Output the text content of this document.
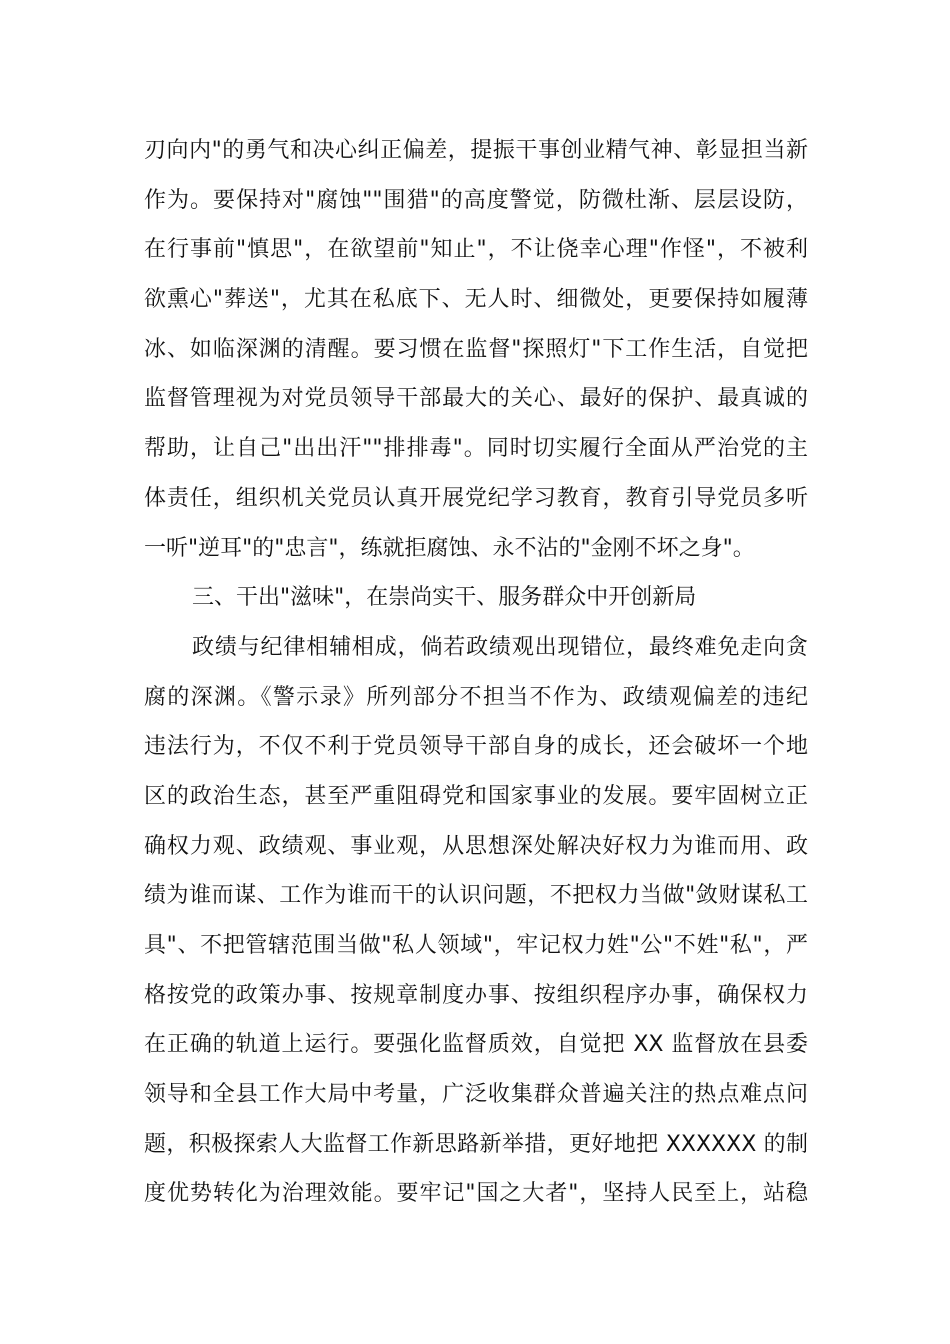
刃向内"的勇气和决心纠正偏差，提振干事创业精气神、彰显担当新
作为。要保持对"腐蚀""围猎"的高度警觉，防微杜渐、层层设防，
在行事前"慎思"，在欲望前"知止"，不让侥幸心理"作怪"，不被利
欲熏心"葬送"，尤其在私底下、无人时、细微处，更要保持如履薄
冰、如临深渊的清醒。要习惯在监督"探照灯"下工作生活，自觉把
监督管理视为对党员领导干部最大的关心、最好的保护、最真诚的
帮助，让自己"出出汗""排排毒"。同时切实履行全面从严治党的主
体责任，组织机关党员认真开展党纪学习教育，教育引导党员多听
一听"逆耳"的"忠言"，练就拒腐蚀、永不沾的"金刚不坏之身"。
三、干出"滋味"，在崇尚实干、服务群众中开创新局
政绩与纪律相辅相成，倘若政绩观出现错位，最终难免走向贪
腐的深渊。《警示录》所列部分不担当不作为、政绩观偏差的违纪
违法行为，不仅不利于党员领导干部自身的成长，还会破坏一个地
区的政治生态，甚至严重阻碍党和国家事业的发展。要牢固树立正
确权力观、政绩观、事业观，从思想深处解决好权力为谁而用、政
绩为谁而谋、工作为谁而干的认识问题，不把权力当做"敛财谋私工
具"、不把管辖范围当做"私人领域"，牢记权力姓"公"不姓"私"，严
格按党的政策办事、按规章制度办事、按组织程序办事，确保权力
在正确的轨道上运行。要强化监督质效，自觉把 XX 监督放在县委
领导和全县工作大局中考量，广泛收集群众普遍关注的热点难点问
题，积极探索人大监督工作新思路新举措，更好地把 XXXXXX 的制
度优势转化为治理效能。要牢记"国之大者"，坚持人民至上，站稳
